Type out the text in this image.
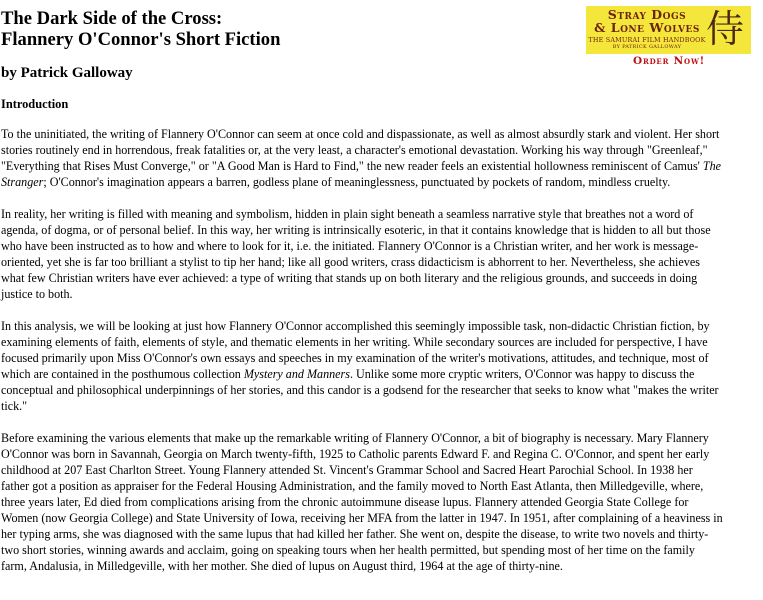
The Dark Side of the Cross:
Flannery O'Connor's Short Fiction
by Patrick Galloway
Stray Dogs
& Lone Wolves
THE SAMURAI FILM HANDBOOK
BY PATRICK GALLOWAY 侍
Order Now!
Introduction

To the uninitiated, the writing of Flannery O'Connor can seem at once cold and dispassionate, as well as almost absurdly stark and violent. Her short stories routinely end in horrendous, freak fatalities or, at the very least, a character's emotional devastation. Working his way through "Greenleaf," "Everything that Rises Must Converge," or "A Good Man is Hard to Find," the new reader feels an existential hollowness reminiscent of Camus' The Stranger; O'Connor's imagination appears a barren, godless plane of meaninglessness, punctuated by pockets of random, mindless cruelty.

In reality, her writing is filled with meaning and symbolism, hidden in plain sight beneath a seamless narrative style that breathes not a word of agenda, of dogma, or of personal belief. In this way, her writing is intrinsically esoteric, in that it contains knowledge that is hidden to all but those who have been instructed as to how and where to look for it, i.e. the initiated. Flannery O'Connor is a Christian writer, and her work is message-oriented, yet she is far too brilliant a stylist to tip her hand; like all good writers, crass didacticism is abhorrent to her. Nevertheless, she achieves what few Christian writers have ever achieved: a type of writing that stands up on both literary and the religious grounds, and succeeds in doing justice to both.

In this analysis, we will be looking at just how Flannery O'Connor accomplished this seemingly impossible task, non-didactic Christian fiction, by examining elements of faith, elements of style, and thematic elements in her writing. While secondary sources are included for perspective, I have focused primarily upon Miss O'Connor's own essays and speeches in my examination of the writer's motivations, attitudes, and technique, most of which are contained in the posthumous collection Mystery and Manners. Unlike some more cryptic writers, O'Connor was happy to discuss the conceptual and philosophical underpinnings of her stories, and this candor is a godsend for the researcher that seeks to know what "makes the writer tick."

Before examining the various elements that make up the remarkable writing of Flannery O'Connor, a bit of biography is necessary. Mary Flannery O'Connor was born in Savannah, Georgia on March twenty-fifth, 1925 to Catholic parents Edward F. and Regina C. O'Connor, and spent her early childhood at 207 East Charlton Street. Young Flannery attended St. Vincent's Grammar School and Sacred Heart Parochial School. In 1938 her father got a position as appraiser for the Federal Housing Administration, and the family moved to North East Atlanta, then Milledgeville, where, three years later, Ed died from complications arising from the chronic autoimmune disease lupus. Flannery attended Georgia State College for Women (now Georgia College) and State University of Iowa, receiving her MFA from the latter in 1947. In 1951, after complaining of a heaviness in her typing arms, she was diagnosed with the same lupus that had killed her father. She went on, despite the disease, to write two novels and thirty-two short stories, winning awards and acclaim, going on speaking tours when her health permitted, but spending most of her time on the family farm, Andalusia, in Milledgeville, with her mother. She died of lupus on August third, 1964 at the age of thirty-nine.
